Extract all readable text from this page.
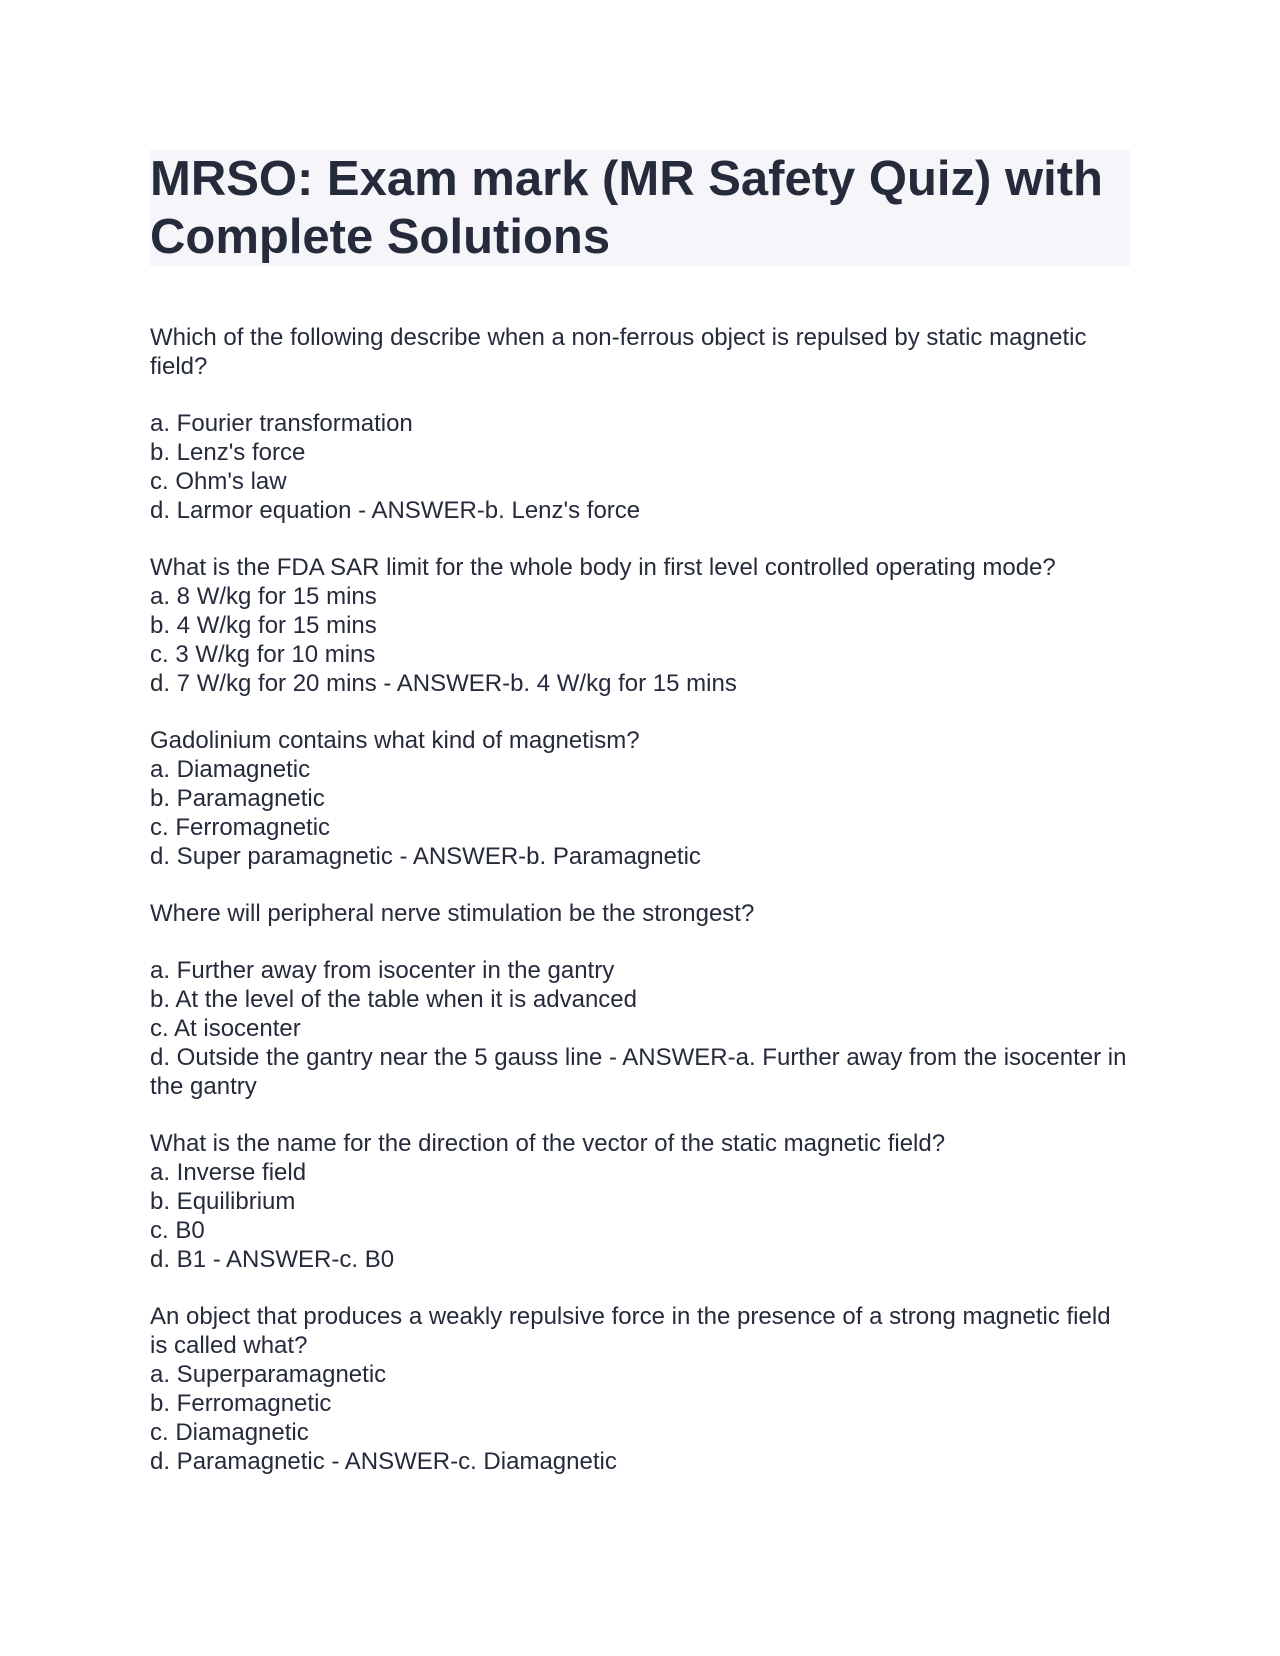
MRSO: Exam mark (MR Safety Quiz) with Complete Solutions
Which of the following describe when a non-ferrous object is repulsed by static magnetic field?
a. Fourier transformation
b. Lenz's force
c. Ohm's law
d. Larmor equation - ANSWER-b. Lenz's force
What is the FDA SAR limit for the whole body in first level controlled operating mode?
a. 8 W/kg for 15 mins
b. 4 W/kg for 15 mins
c. 3 W/kg for 10 mins
d. 7 W/kg for 20 mins - ANSWER-b. 4 W/kg for 15 mins
Gadolinium contains what kind of magnetism?
a. Diamagnetic
b. Paramagnetic
c. Ferromagnetic
d. Super paramagnetic - ANSWER-b. Paramagnetic
Where will peripheral nerve stimulation be the strongest?
a. Further away from isocenter in the gantry
b. At the level of the table when it is advanced
c. At isocenter
d. Outside the gantry near the 5 gauss line - ANSWER-a. Further away from the isocenter in the gantry
What is the name for the direction of the vector of the static magnetic field?
a. Inverse field
b. Equilibrium
c. B0
d. B1 - ANSWER-c. B0
An object that produces a weakly repulsive force in the presence of a strong magnetic field is called what?
a. Superparamagnetic
b. Ferromagnetic
c. Diamagnetic
d. Paramagnetic - ANSWER-c. Diamagnetic
